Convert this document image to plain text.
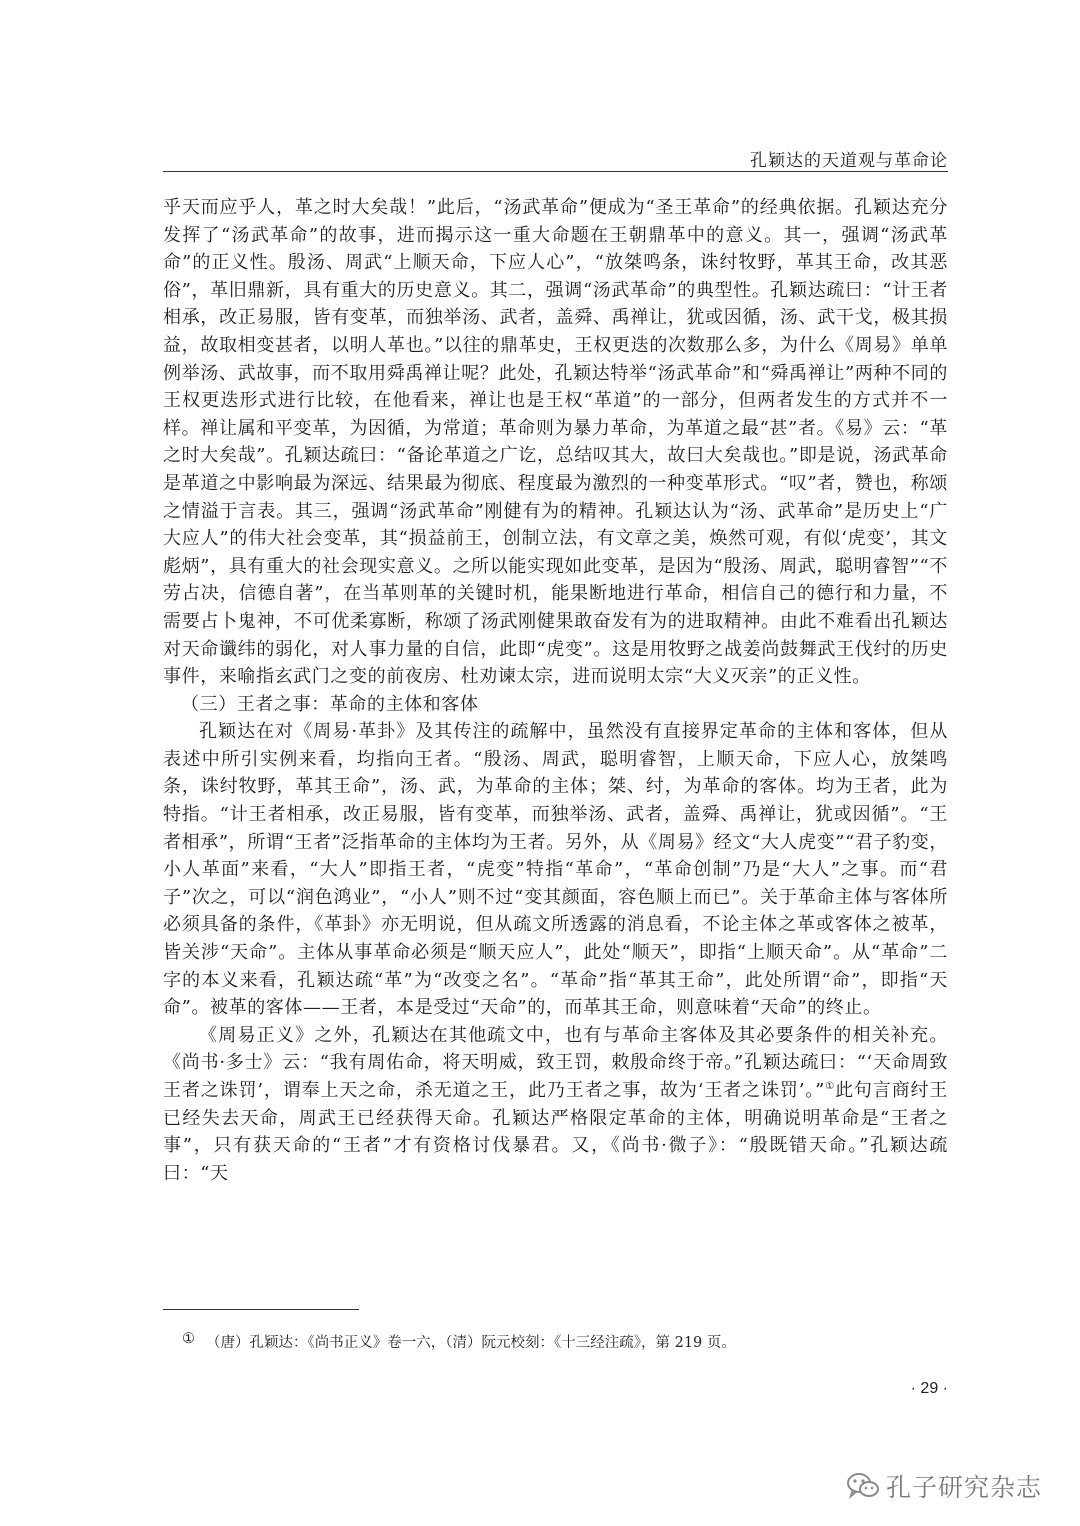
孔颖达的天道观与革命论

乎天而应乎人，革之时大矣哉！”此后，“汤武革命”便成为“圣王革命”的经典依据。孔颖达充分发挥了“汤武革命”的故事，进而揭示这一重大命题在王朝鼎革中的意义。其一，强调“汤武革命”的正义性。殷汤、周武“上顺天命，下应人心”，“放桀鸣条，诛纣牧野，革其王命，改其恶俗”，革旧鼎新，具有重大的历史意义。其二，强调“汤武革命”的典型性。孔颖达疏曰：“计王者相承，改正易服，皆有变革，而独举汤、武者，盖舜、禹禅让，犹或因循，汤、武干戈，极其损益，故取相变甚者，以明人革也。”以往的鼎革史，王权更迭的次数那么多，为什么《周易》单单例举汤、武故事，而不取用舜禹禅让呢？此处，孔颖达特举“汤武革命”和“舜禹禅让”两种不同的王权更迭形式进行比较，在他看来，禅让也是王权“革道”的一部分，但两者发生的方式并不一样。禅让属和平变革，为因循，为常道；革命则为暴力革命，为革道之最“甚”者。《易》云：“革之时大矣哉”。孔颖达疏曰：“备论革道之广讫，总结叹其大，故曰大矣哉也。”即是说，汤武革命是革道之中影响最为深远、结果最为彻底、程度最为激烈的一种变革形式。“叹”者，赞也，称颂之情溢于言表。其三，强调“汤武革命”刚健有为的精神。孔颖达认为“汤、武革命”是历史上“广大应人”的伟大社会变革，其“损益前王，创制立法，有文章之美，焕然可观，有似‘虎变’，其文彪炳”，具有重大的社会现实意义。之所以能实现如此变革，是因为“殷汤、周武，聪明睿智”“不劳占决，信德自著”，在当革则革的关键时机，能果断地进行革命，相信自己的德行和力量，不需要占卜鬼神，不可优柔寡断，称颂了汤武刚健果敢奋发有为的进取精神。由此不难看出孔颖达对天命谶纬的弱化，对人事力量的自信，此即“虎变”。这是用牧野之战姜尚鼓舞武王伐纣的历史事件，来喻指玄武门之变的前夜房、杜劝谏太宗，进而说明太宗“大义灭亲”的正义性。

（三）王者之事：革命的主体和客体

孔颖达在对《周易·革卦》及其传注的疏解中，虽然没有直接界定革命的主体和客体，但从表述中所引实例来看，均指向王者。“殷汤、周武，聪明睿智，上顺天命，下应人心，放桀鸣条，诛纣牧野，革其王命”，汤、武，为革命的主体；桀、纣，为革命的客体。均为王者，此为特指。“计王者相承，改正易服，皆有变革，而独举汤、武者，盖舜、禹禅让，犹或因循”。“王者相承”，所谓“王者”泛指革命的主体均为王者。另外，从《周易》经文“大人虎变”“君子豹变，小人革面”来看，“大人”即指王者，“虎变”特指“革命”，“革命创制”乃是“大人”之事。而“君子”次之，可以“润色鸿业”，“小人”则不过“变其颜面，容色顺上而已”。关于革命主体与客体所必须具备的条件，《革卦》亦无明说，但从疏文所透露的消息看，不论主体之革或客体之被革，皆关涉“天命”。主体从事革命必须是“顺天应人”，此处“顺天”，即指“上顺天命”。从“革命”二字的本义来看，孔颖达疏“革”为“改变之名”。“革命”指“革其王命”，此处所谓“命”，即指“天命”。被革的客体——王者，本是受过“天命”的，而革其王命，则意味着“天命”的终止。

《周易正义》之外，孔颖达在其他疏文中，也有与革命主客体及其必要条件的相关补充。《尚书·多士》云：“我有周佑命，将天明威，致王罚，敕殷命终于帝。”孔颖达疏曰：“‘天命周致王者之诛罚’，谓奉上天之命，杀无道之王，此乃王者之事，故为‘王者之诛罚’。”①此句言商纣王已经失去天命，周武王已经获得天命。孔颖达严格限定革命的主体，明确说明革命是“王者之事”，只有获天命的“王者”才有资格讨伐暴君。又，《尚书·微子》：“殷既错天命。”孔颖达疏曰：“天

① （唐）孔颖达：《尚书正义》卷一六，（清）阮元校刻：《十三经注疏》，第 219 页。
· 29 ·
孔子研究杂志
